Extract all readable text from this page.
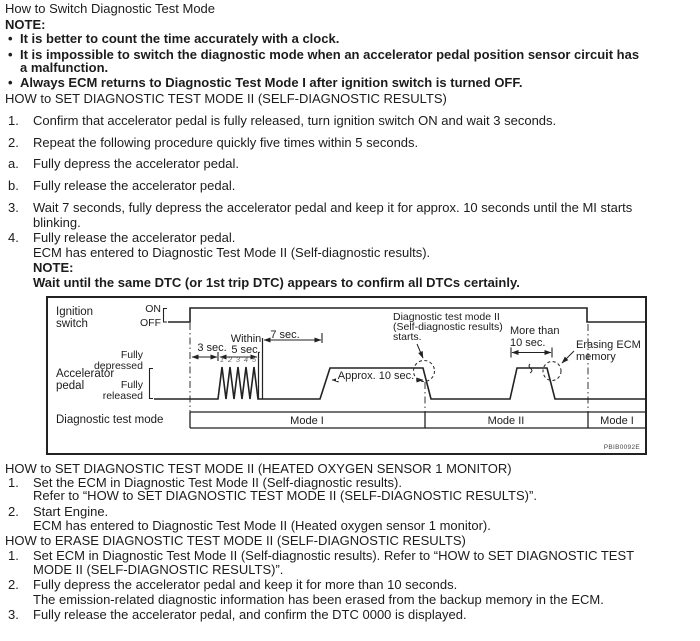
How to Switch Diagnostic Test Mode
NOTE:
• It is better to count the time accurately with a clock.
• It is impossible to switch the diagnostic mode when an accelerator pedal position sensor circuit has
a malfunction.
• Always ECM returns to Diagnostic Test Mode I after ignition switch is turned OFF.
HOW to SET DIAGNOSTIC TEST MODE II (SELF-DIAGNOSTIC RESULTS)
1. Confirm that accelerator pedal is fully released, turn ignition switch ON and wait 3 seconds.
2. Repeat the following procedure quickly five times within 5 seconds.
a. Fully depress the accelerator pedal.
b. Fully release the accelerator pedal.
3. Wait 7 seconds, fully depress the accelerator pedal and keep it for approx. 10 seconds until the MI starts
blinking.
4. Fully release the accelerator pedal.
ECM has entered to Diagnostic Test Mode II (Self-diagnostic results).
NOTE:
Wait until the same DTC (or 1st trip DTC) appears to confirm all DTCs certainly.
HOW to SET DIAGNOSTIC TEST MODE II (HEATED OXYGEN SENSOR 1 MONITOR)
1. Set the ECM in Diagnostic Test Mode II (Self-diagnostic results).
Refer to “HOW to SET DIAGNOSTIC TEST MODE II (SELF-DIAGNOSTIC RESULTS)”.
2. Start Engine.
ECM has entered to Diagnostic Test Mode II (Heated oxygen sensor 1 monitor).
HOW to ERASE DIAGNOSTIC TEST MODE II (SELF-DIAGNOSTIC RESULTS)
1. Set ECM in Diagnostic Test Mode II (Self-diagnostic results). Refer to “HOW to SET DIAGNOSTIC TEST
MODE II (SELF-DIAGNOSTIC RESULTS)”.
2. Fully depress the accelerator pedal and keep it for more than 10 seconds.
The emission-related diagnostic information has been erased from the backup memory in the ECM.
3. Fully release the accelerator pedal, and confirm the DTC 0000 is displayed.
Ignition
switch
ON
OFF
3 sec.
Within
5 sec.
7 sec.
Accelerator
pedal
Fully
depressed
Fully
released
1 2 3 4 5
Approx. 10 sec.
Diagnostic test mode II
(Self-diagnostic results)
starts.	More than
10 sec.	Erasing ECM
memory
Diagnostic test mode	Mode I	Mode II	Mode I
PBIB0092E
